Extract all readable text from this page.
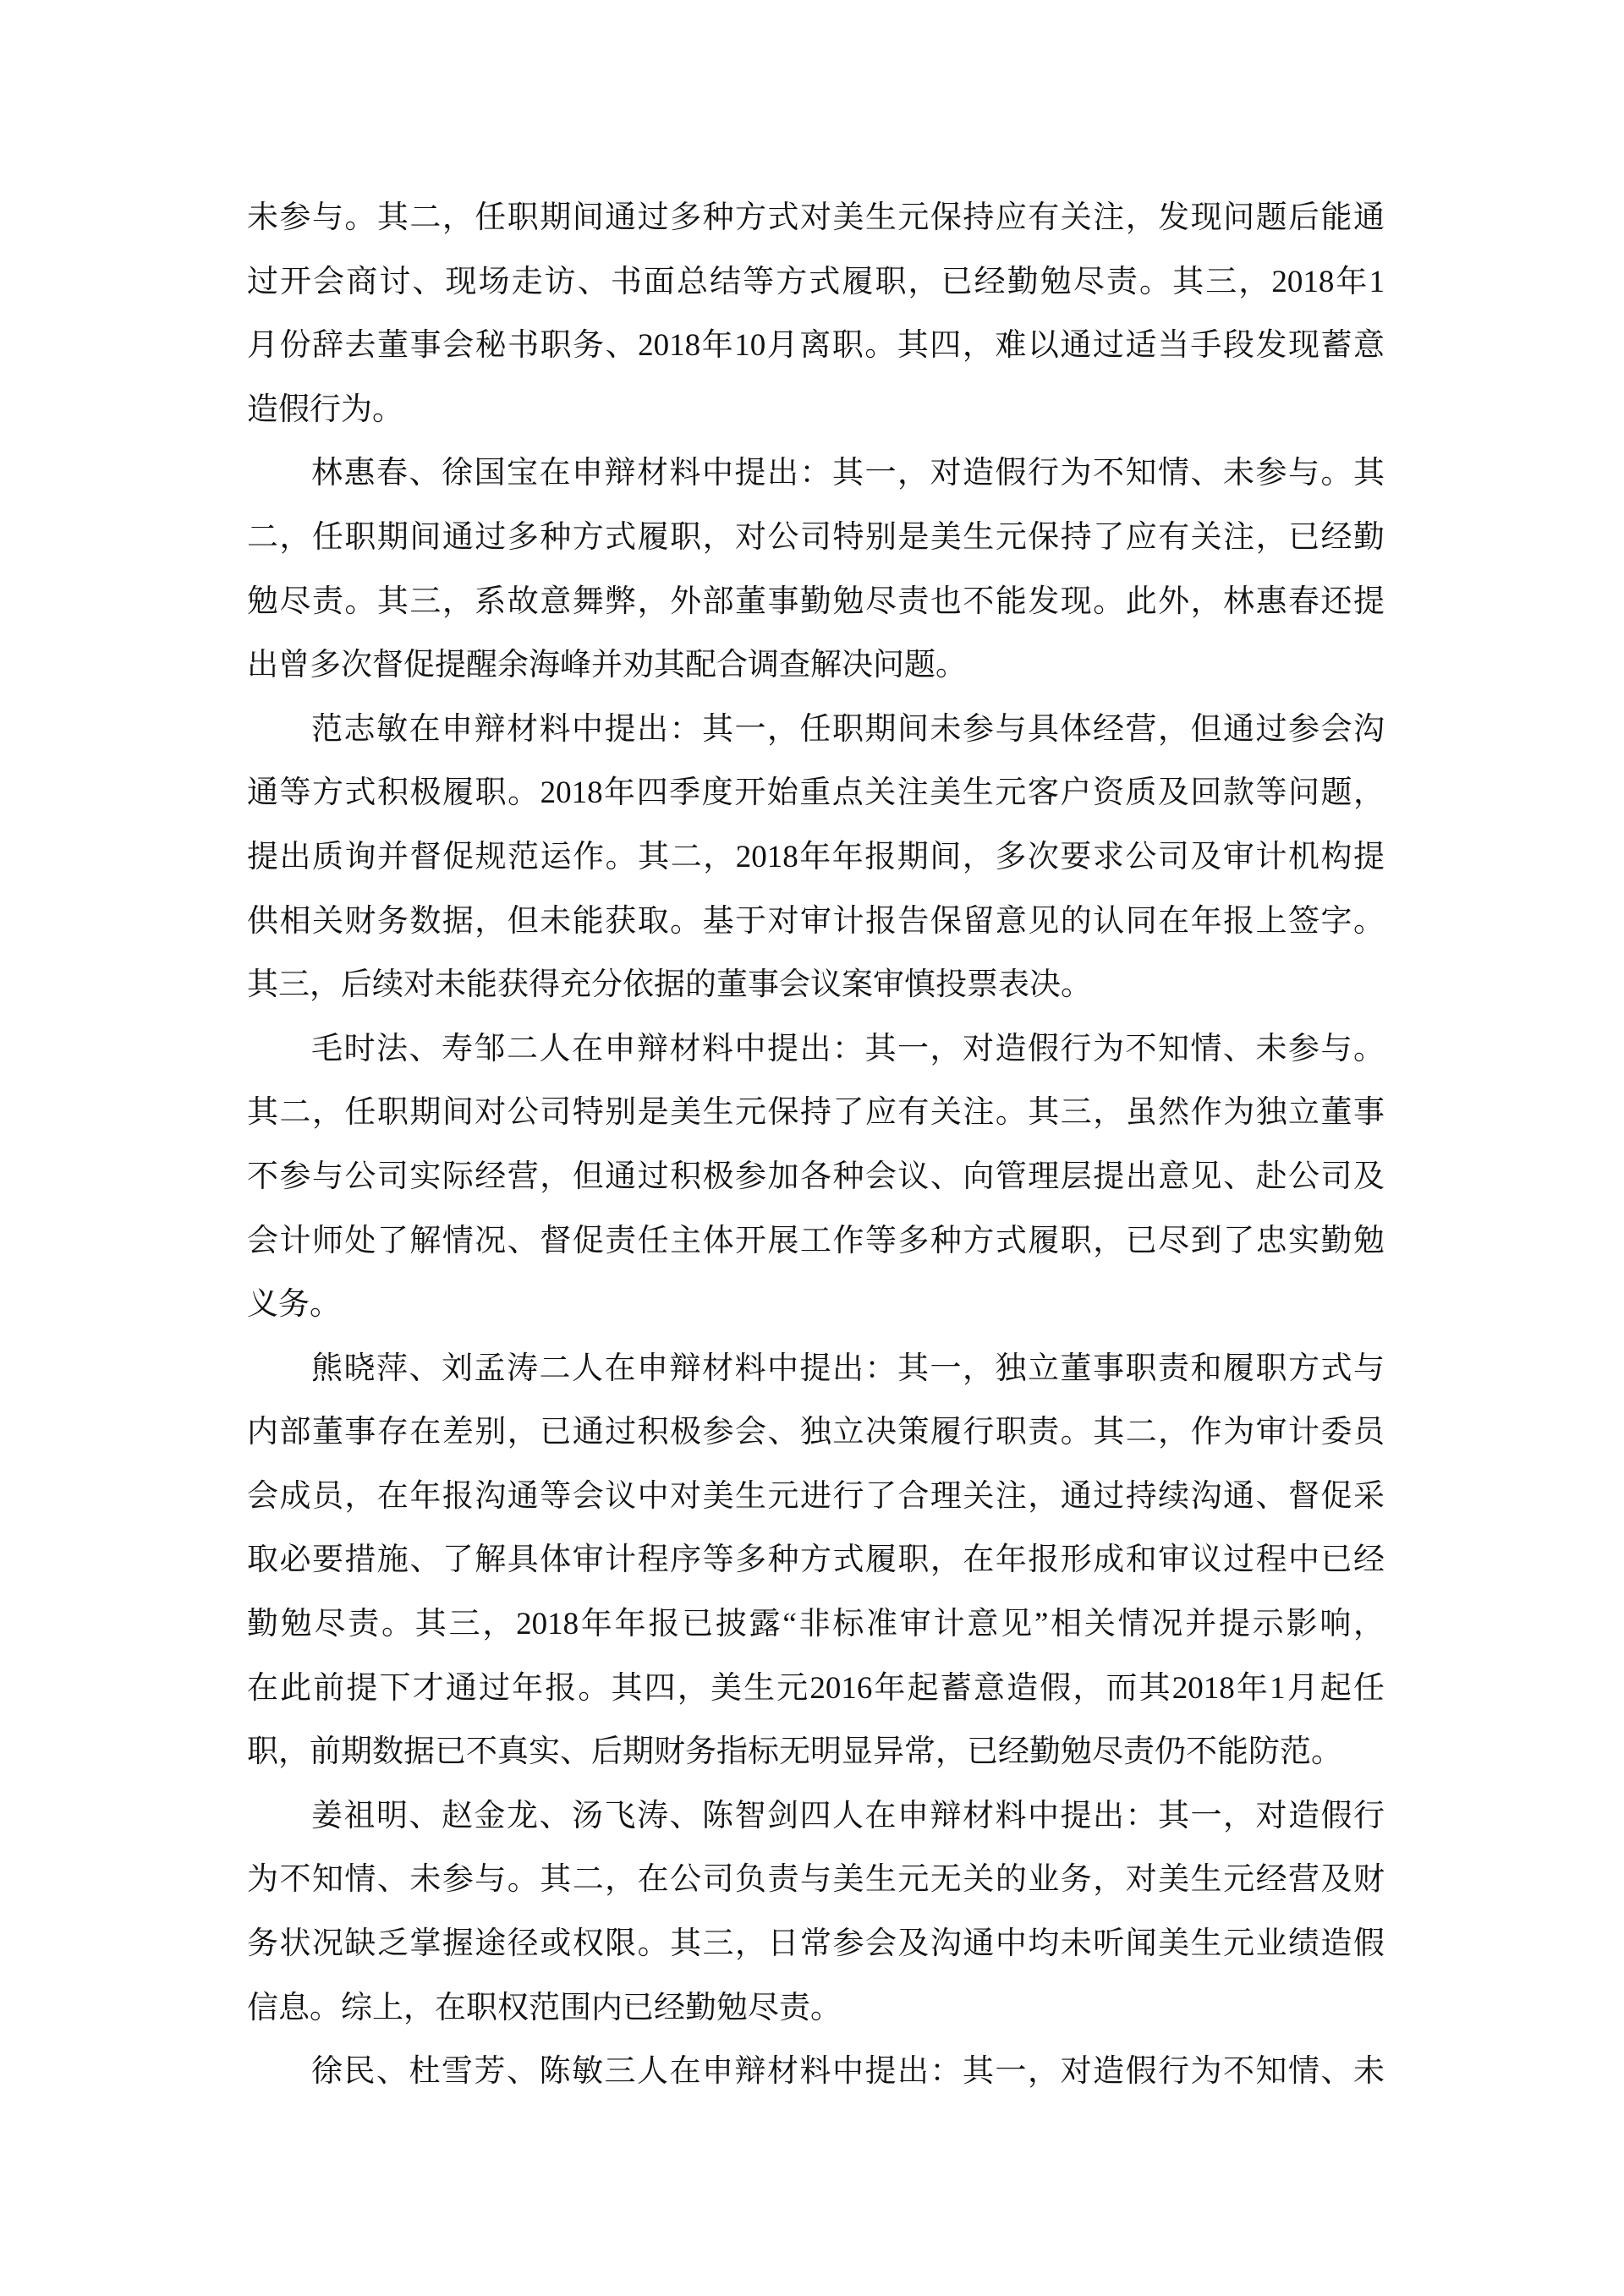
未参与。其二，任职期间通过多种方式对美生元保持应有关注，发现问题后能通
过开会商讨、现场走访、书面总结等方式履职，已经勤勉尽责。其三，2018年1
月份辞去董事会秘书职务、2018年10月离职。其四，难以通过适当手段发现蓄意
造假行为。
林惠春、徐国宝在申辩材料中提出：其一，对造假行为不知情、未参与。其
二，任职期间通过多种方式履职，对公司特别是美生元保持了应有关注，已经勤
勉尽责。其三，系故意舞弊，外部董事勤勉尽责也不能发现。此外，林惠春还提
出曾多次督促提醒余海峰并劝其配合调查解决问题。
范志敏在申辩材料中提出：其一，任职期间未参与具体经营，但通过参会沟
通等方式积极履职。2018年四季度开始重点关注美生元客户资质及回款等问题，
提出质询并督促规范运作。其二，2018年年报期间，多次要求公司及审计机构提
供相关财务数据，但未能获取。基于对审计报告保留意见的认同在年报上签字。
其三，后续对未能获得充分依据的董事会议案审慎投票表决。
毛时法、寿邹二人在申辩材料中提出：其一，对造假行为不知情、未参与。
其二，任职期间对公司特别是美生元保持了应有关注。其三，虽然作为独立董事
不参与公司实际经营，但通过积极参加各种会议、向管理层提出意见、赴公司及
会计师处了解情况、督促责任主体开展工作等多种方式履职，已尽到了忠实勤勉
义务。
熊晓萍、刘孟涛二人在申辩材料中提出：其一，独立董事职责和履职方式与
内部董事存在差别，已通过积极参会、独立决策履行职责。其二，作为审计委员
会成员，在年报沟通等会议中对美生元进行了合理关注，通过持续沟通、督促采
取必要措施、了解具体审计程序等多种方式履职，在年报形成和审议过程中已经
勤勉尽责。其三，2018年年报已披露“非标准审计意见”相关情况并提示影响，
在此前提下才通过年报。其四，美生元2016年起蓄意造假，而其2018年1月起任
职，前期数据已不真实、后期财务指标无明显异常，已经勤勉尽责仍不能防范。
姜祖明、赵金龙、汤飞涛、陈智剑四人在申辩材料中提出：其一，对造假行
为不知情、未参与。其二，在公司负责与美生元无关的业务，对美生元经营及财
务状况缺乏掌握途径或权限。其三，日常参会及沟通中均未听闻美生元业绩造假
信息。综上，在职权范围内已经勤勉尽责。
徐民、杜雪芳、陈敏三人在申辩材料中提出：其一，对造假行为不知情、未
